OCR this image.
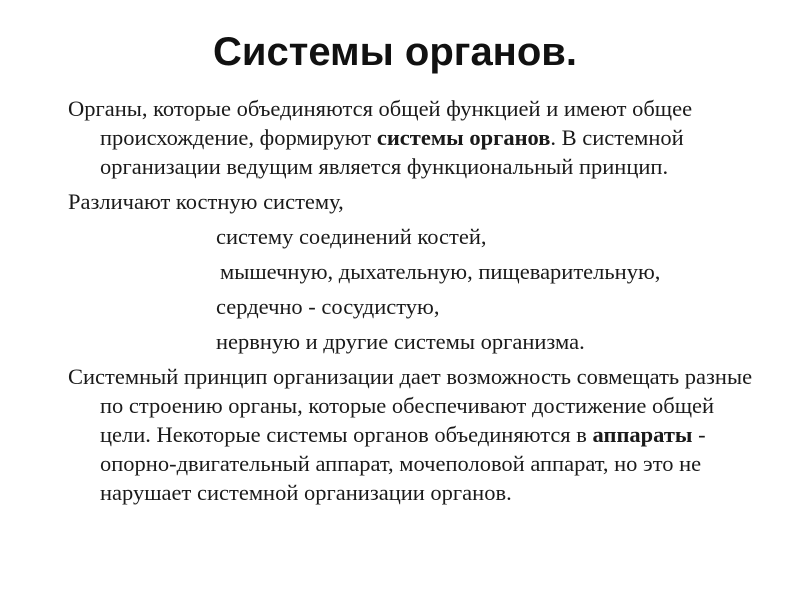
Системы органов.

Органы, которые объединяются общей функцией и имеют общее происхождение, формируют системы органов. В системной организации ведущим является функциональный принцип.

Различают костную систему,

систему соединений костей,

мышечную, дыхательную, пищеварительную,

сердечно - сосудистую,

нервную и другие системы организма.

Системный принцип организации дает возможность совмещать разные по строению органы, которые обеспечивают достижение общей цели. Некоторые системы органов объединяются в аппараты - опорно-двигательный аппарат, мочеполовой аппарат, но это не нарушает системной организации органов.
